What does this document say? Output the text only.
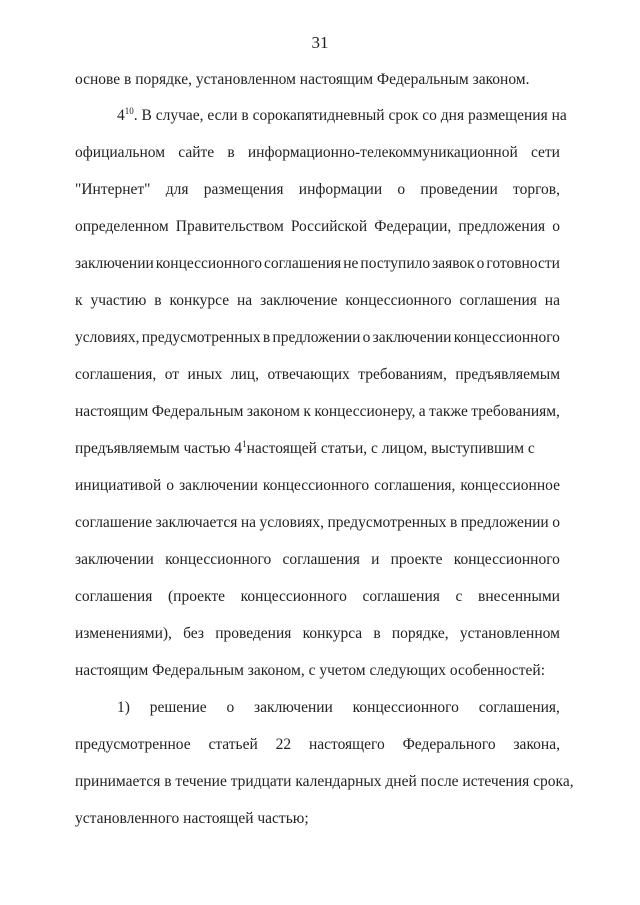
31
основе в порядке, установленном настоящим Федеральным законом.
$4^{10}$. В случае, если в сорокапятидневный срок со дня размещения на
официальном сайте в информационно-телекоммуникационной сети
"Интернет" для размещения информации о проведении торгов,
определенном Правительством Российской Федерации, предложения о
заключении концессионного соглашения не поступило заявок о готовности
к участию в конкурсе на заключение концессионного соглашения на
условиях, предусмотренных в предложении о заключении концессионного
соглашения, от иных лиц, отвечающих требованиям, предъявляемым
настоящим Федеральным законом к концессионеру, а также требованиям,
предъявляемым частью $4^1настоящей$ статьи, с лицом, выступившим с
инициативой о заключении концессионного соглашения, концессионное
соглашение заключается на условиях, предусмотренных в предложении о
заключении концессионного соглашения и проекте концессионного
соглашения (проекте концессионного соглашения с внесенными
изменениями), без проведения конкурса в порядке, установленном
настоящим Федеральным законом, с учетом следующих особенностей:
1) решение о заключении концессионного соглашения,
предусмотренное статьей 22 настоящего Федерального закона,
принимается в течение тридцати календарных дней после истечения срока,
установленного настоящей частью;
